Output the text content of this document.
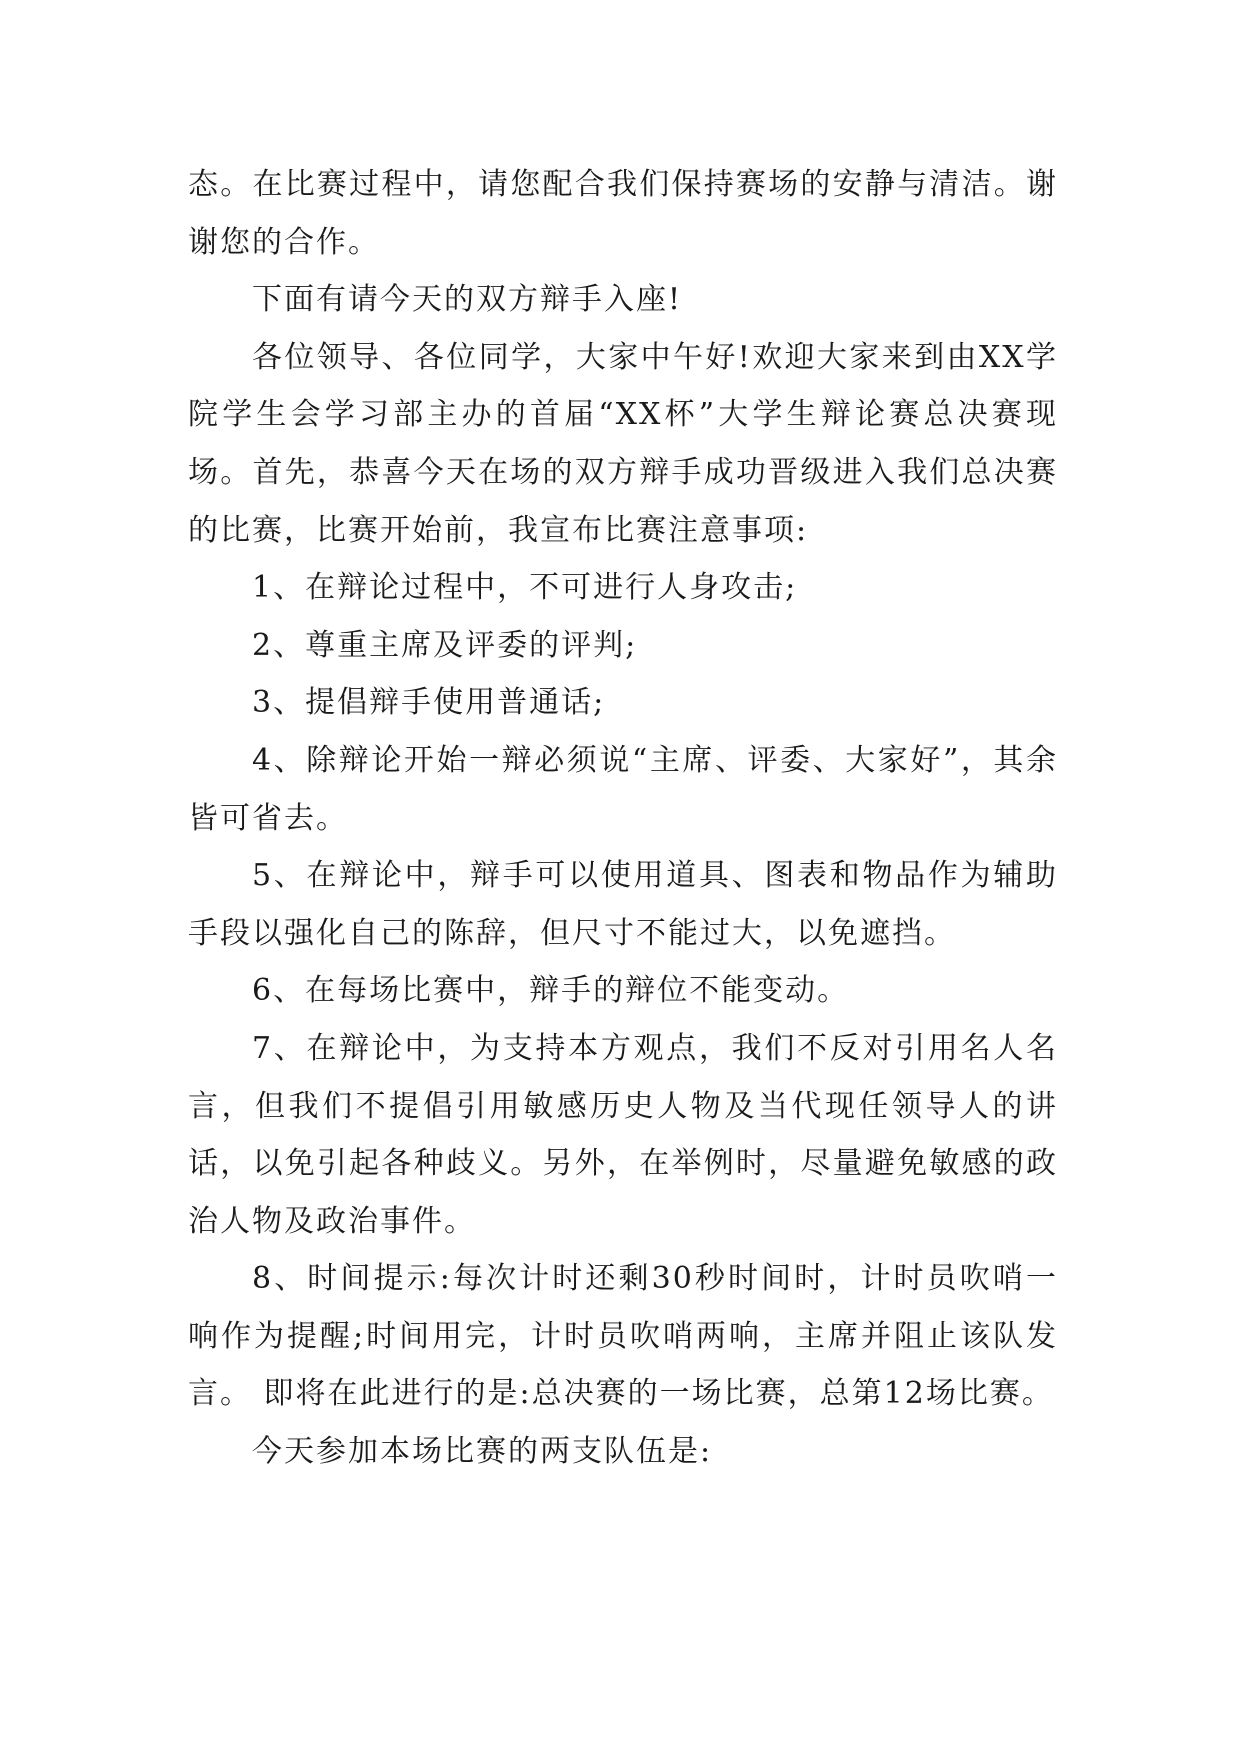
态。在比赛过程中，请您配合我们保持赛场的安静与清洁。谢谢您的合作。

下面有请今天的双方辩手入座!

各位领导、各位同学，大家中午好!欢迎大家来到由XX学院学生会学习部主办的首届“XX杯”大学生辩论赛总决赛现场。首先，恭喜今天在场的双方辩手成功晋级进入我们总决赛的比赛，比赛开始前，我宣布比赛注意事项:

1、在辩论过程中，不可进行人身攻击;

2、尊重主席及评委的评判;

3、提倡辩手使用普通话;

4、除辩论开始一辩必须说“主席、评委、大家好”，其余皆可省去。

5、在辩论中，辩手可以使用道具、图表和物品作为辅助手段以强化自己的陈辞，但尺寸不能过大，以免遮挡。

6、在每场比赛中，辩手的辩位不能变动。

7、在辩论中，为支持本方观点，我们不反对引用名人名言，但我们不提倡引用敏感历史人物及当代现任领导人的讲话，以免引起各种歧义。另外，在举例时，尽量避免敏感的政治人物及政治事件。

8、时间提示:每次计时还剩30秒时间时，计时员吹哨一响作为提醒;时间用完，计时员吹哨两响，主席并阻止该队发言。 即将在此进行的是:总决赛的一场比赛，总第12场比赛。

今天参加本场比赛的两支队伍是:
